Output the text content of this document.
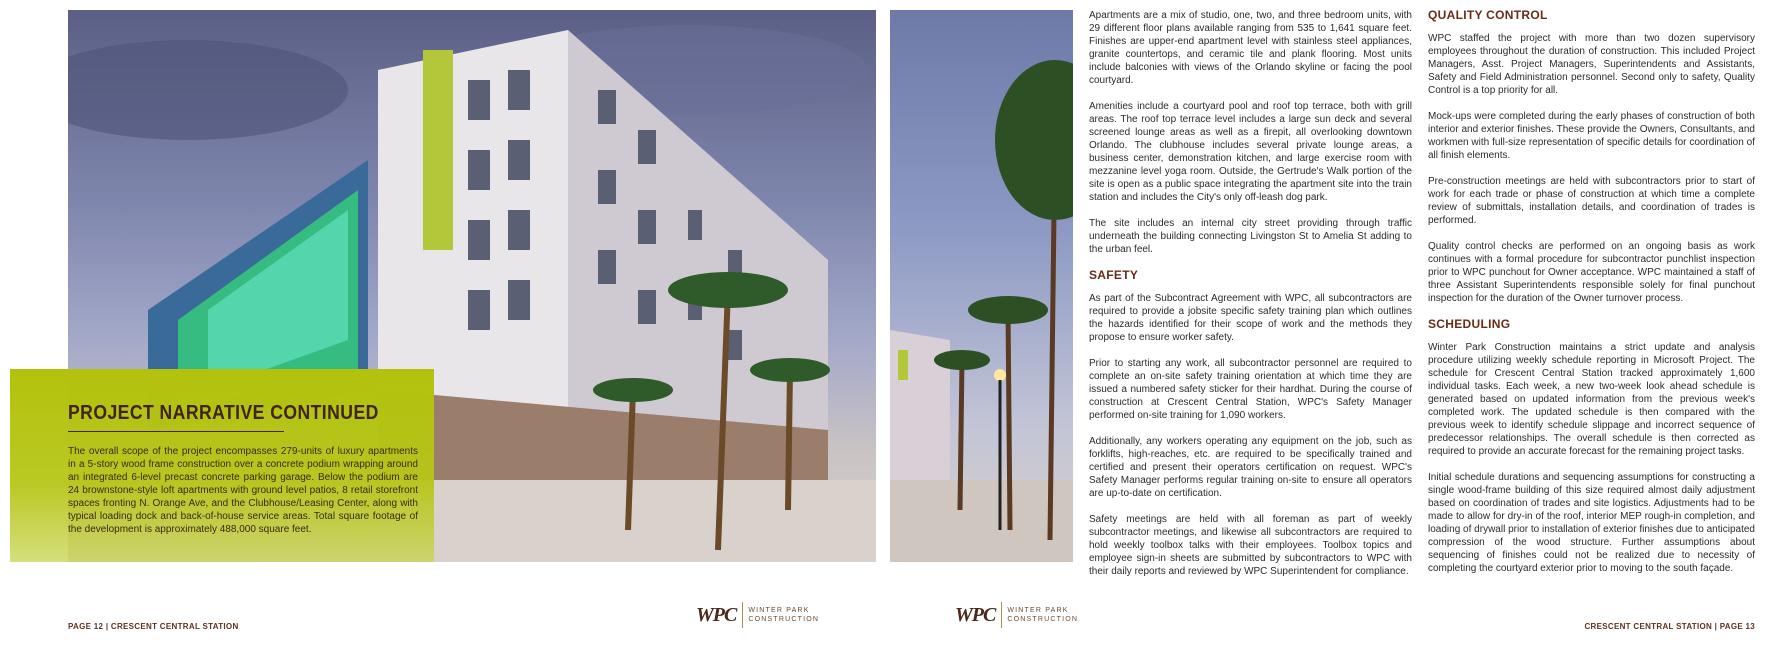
PROJECT NARRATIVE CONTINUED

The overall scope of the project encompasses 279-units of luxury apartments in a 5-story wood frame construction over a concrete podium wrapping around an integrated 6-level precast concrete parking garage. Below the podium are 24 brownstone-style loft apartments with ground level patios, 8 retail storefront spaces fronting N. Orange Ave, and the Clubhouse/Leasing Center, along with typical loading dock and back-of-house service areas. Total square footage of the development is approximately 488,000 square feet.

Apartments are a mix of studio, one, two, and three bedroom units, with 29 different floor plans available ranging from 535 to 1,641 square feet. Finishes are upper-end apartment level with stainless steel appliances, granite countertops, and ceramic tile and plank flooring. Most units include balconies with views of the Orlando skyline or facing the pool courtyard.

Amenities include a courtyard pool and roof top terrace, both with grill areas. The roof top terrace level includes a large sun deck and several screened lounge areas as well as a firepit, all overlooking downtown Orlando. The clubhouse includes several private lounge areas, a business center, demonstration kitchen, and large exercise room with mezzanine level yoga room. Outside, the Gertrude's Walk portion of the site is open as a public space integrating the apartment site into the train station and includes the City's only off-leash dog park.

The site includes an internal city street providing through traffic underneath the building connecting Livingston St to Amelia St adding to the urban feel.

SAFETY

As part of the Subcontract Agreement with WPC, all subcontractors are required to provide a jobsite specific safety training plan which outlines the hazards identified for their scope of work and the methods they propose to ensure worker safety.

Prior to starting any work, all subcontractor personnel are required to complete an on-site safety training orientation at which time they are issued a numbered safety sticker for their hardhat. During the course of construction at Crescent Central Station, WPC's Safety Manager performed on-site training for 1,090 workers.

Additionally, any workers operating any equipment on the job, such as forklifts, high-reaches, etc. are required to be specifically trained and certified and present their operators certification on request. WPC's Safety Manager performs regular training on-site to ensure all operators are up-to-date on certification.

Safety meetings are held with all foreman as part of weekly subcontractor meetings, and likewise all subcontractors are required to hold weekly toolbox talks with their employees. Toolbox topics and employee sign-in sheets are submitted by subcontractors to WPC with their daily reports and reviewed by WPC Superintendent for compliance.

QUALITY CONTROL

WPC staffed the project with more than two dozen supervisory employees throughout the duration of construction. This included Project Managers, Asst. Project Managers, Superintendents and Assistants, Safety and Field Administration personnel. Second only to safety, Quality Control is a top priority for all.

Mock-ups were completed during the early phases of construction of both interior and exterior finishes. These provide the Owners, Consultants, and workmen with full-size representation of specific details for coordination of all finish elements.

Pre-construction meetings are held with subcontractors prior to start of work for each trade or phase of construction at which time a complete review of submittals, installation details, and coordination of trades is performed.

Quality control checks are performed on an ongoing basis as work continues with a formal procedure for subcontractor punchlist inspection prior to WPC punchout for Owner acceptance. WPC maintained a staff of three Assistant Superintendents responsible solely for final punchout inspection for the duration of the Owner turnover process.

SCHEDULING

Winter Park Construction maintains a strict update and analysis procedure utilizing weekly schedule reporting in Microsoft Project. The schedule for Crescent Central Station tracked approximately 1,600 individual tasks. Each week, a new two-week look ahead schedule is generated based on updated information from the previous week's completed work. The updated schedule is then compared with the previous week to identify schedule slippage and incorrect sequence of predecessor relationships. The overall schedule is then corrected as required to provide an accurate forecast for the remaining project tasks.

Initial schedule durations and sequencing assumptions for constructing a single wood-frame building of this size required almost daily adjustment based on coordination of trades and site logistics. Adjustments had to be made to allow for dry-in of the roof, interior MEP rough-in completion, and loading of drywall prior to installation of exterior finishes due to anticipated compression of the wood structure. Further assumptions about sequencing of finishes could not be realized due to necessity of completing the courtyard exterior prior to moving to the south façade.

PAGE 12 | CRESCENT CENTRAL STATION	CRESCENT CENTRAL STATION | PAGE 13
WPC	WINTER PARK
CONSTRUCTION	WPC	WINTER PARK
CONSTRUCTION
